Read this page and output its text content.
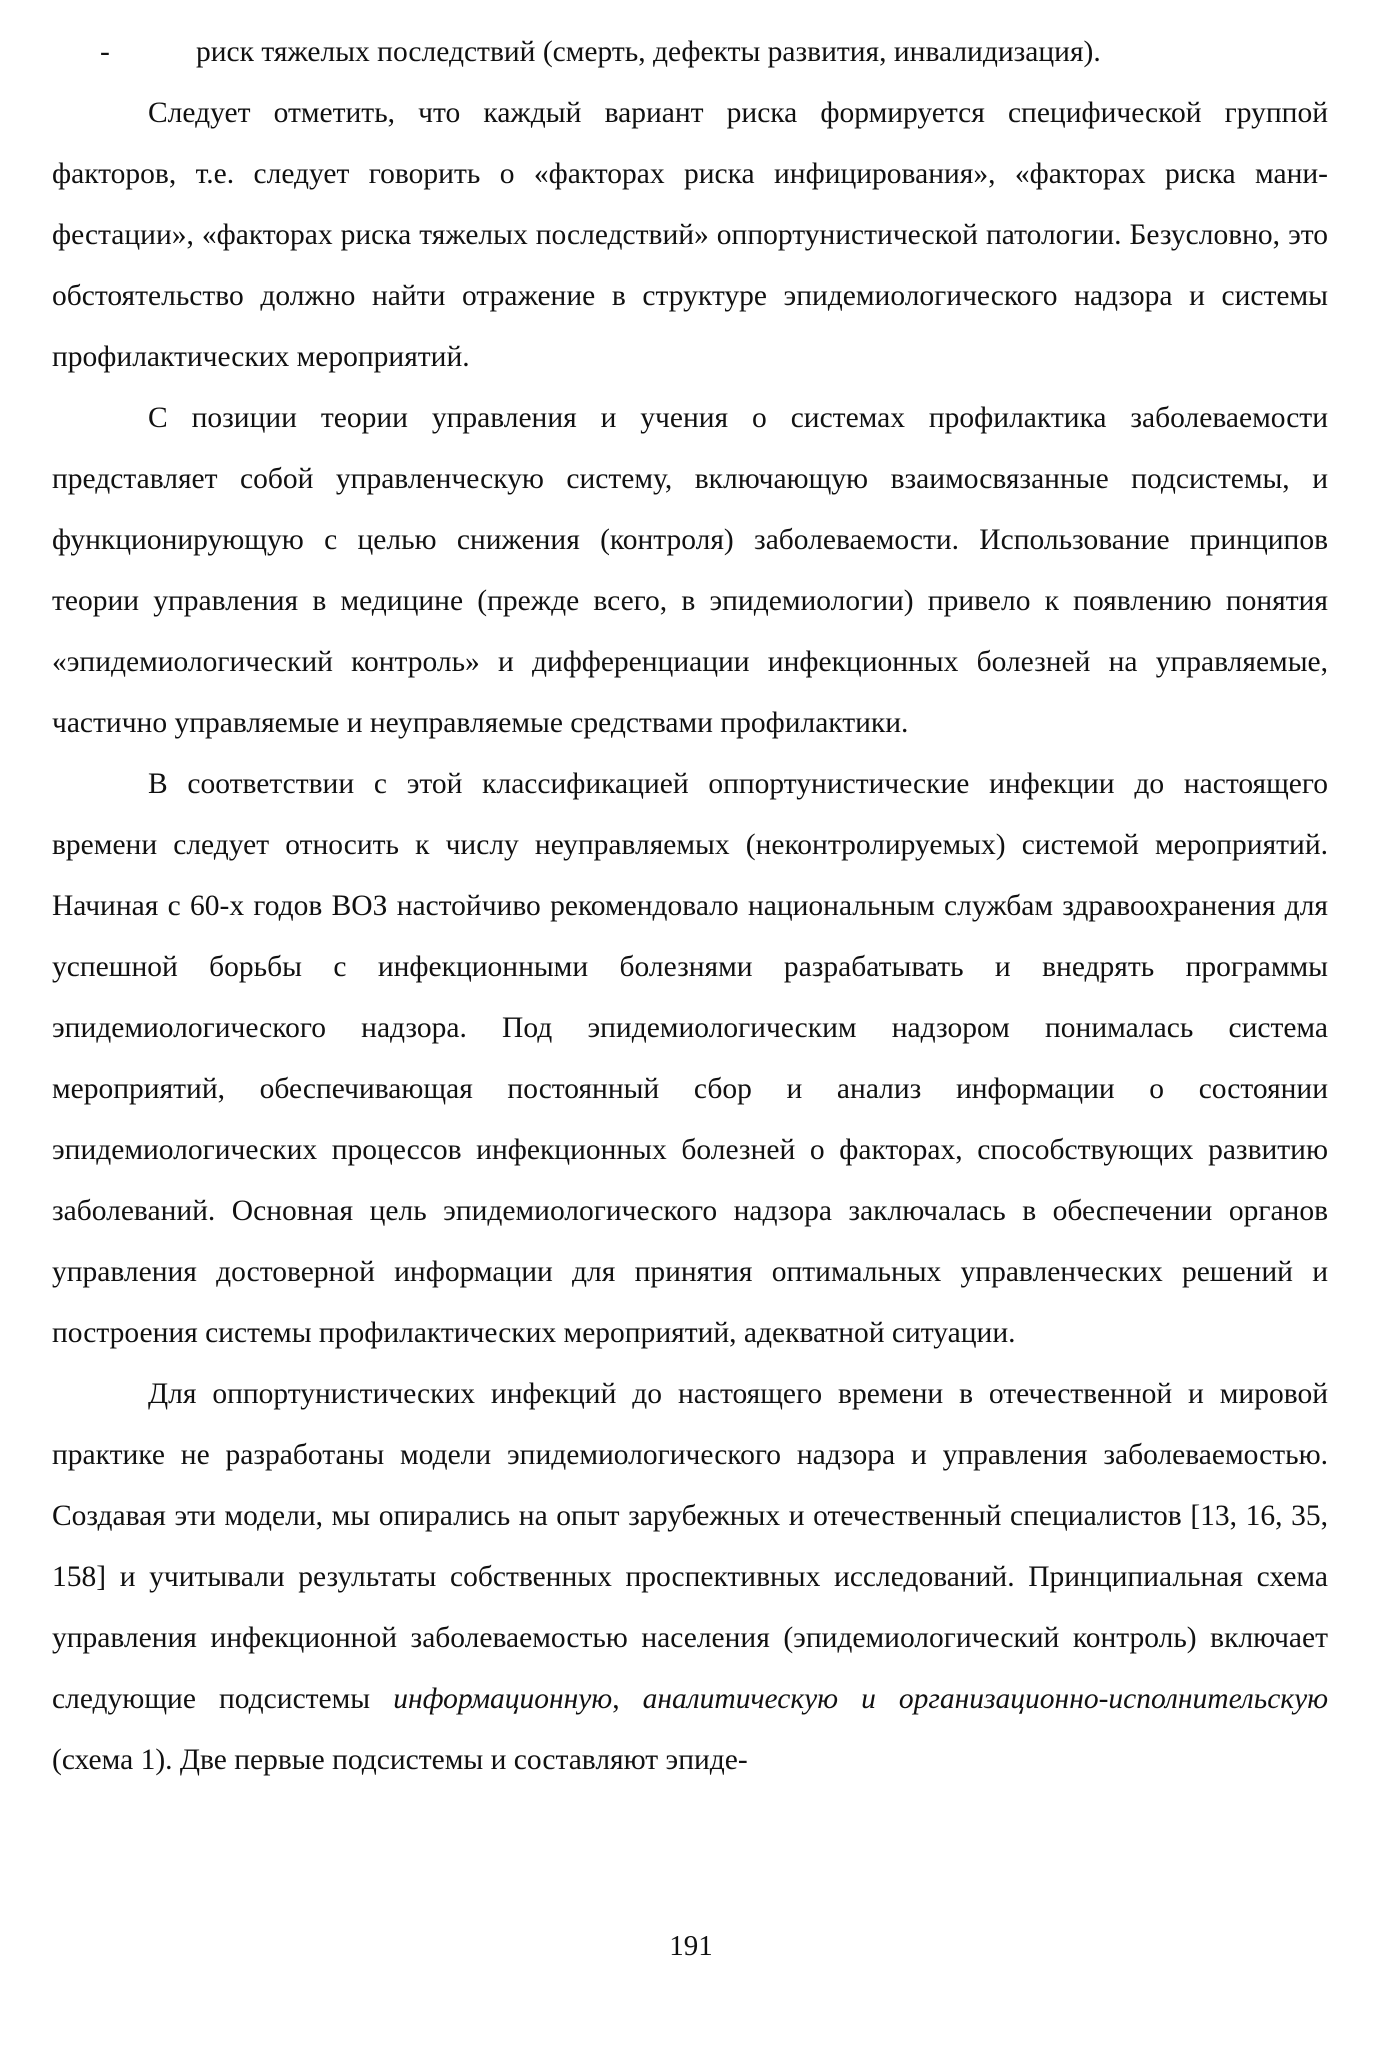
-	риск тяжелых последствий (смерть, дефекты развития, инвалидизация).

Следует отметить, что каждый вариант риска формируется специфической группой факторов, т.е. следует говорить о «факторах риска инфицирования», «факторах риска манифестации», «факторах риска тяжелых последствий» оппортунистической патологии. Безусловно, это обстоятельство должно найти отражение в структуре эпидемиологического надзора и системы профилактических мероприятий.

С позиции теории управления и учения о системах профилактика заболеваемости представляет собой управленческую систему, включающую взаимосвязанные подсистемы, и функционирующую с целью снижения (контроля) заболеваемости. Использование принципов теории управления в медицине (прежде всего, в эпидемиологии) привело к появлению понятия «эпидемиологический контроль» и дифференциации инфекционных болезней на управляемые, частично управляемые и неуправляемые средствами профилактики.

В соответствии с этой классификацией оппортунистические инфекции до настоящего времени следует относить к числу неуправляемых (неконтролируемых) системой мероприятий. Начиная с 60-х годов ВОЗ настойчиво рекомендовало национальным службам здравоохранения для успешной борьбы с инфекционными болезнями разрабатывать и внедрять программы эпидемиологического надзора. Под эпидемиологическим надзором понималась система мероприятий, обеспечивающая постоянный сбор и анализ информации о состоянии эпидемиологических процессов инфекционных болезней о факторах, способствующих развитию заболеваний. Основная цель эпидемиологического надзора заключалась в обеспечении органов управления достоверной информации для принятия оптимальных управленческих решений и построения системы профилактических мероприятий, адекватной ситуации.

Для оппортунистических инфекций до настоящего времени в отечественной и мировой практике не разработаны модели эпидемиологического надзора и управления заболеваемостью. Создавая эти модели, мы опирались на опыт зарубежных и отечественный специалистов [13, 16, 35, 158] и учитывали результаты собственных проспективных исследований. Принципиальная схема управления инфекционной заболеваемостью населения (эпидемиологический контроль) включает следующие подсистемы информационную, аналитическую и организационно-исполнительскую (схема 1). Две первые подсистемы и составляют эпиде-

191
